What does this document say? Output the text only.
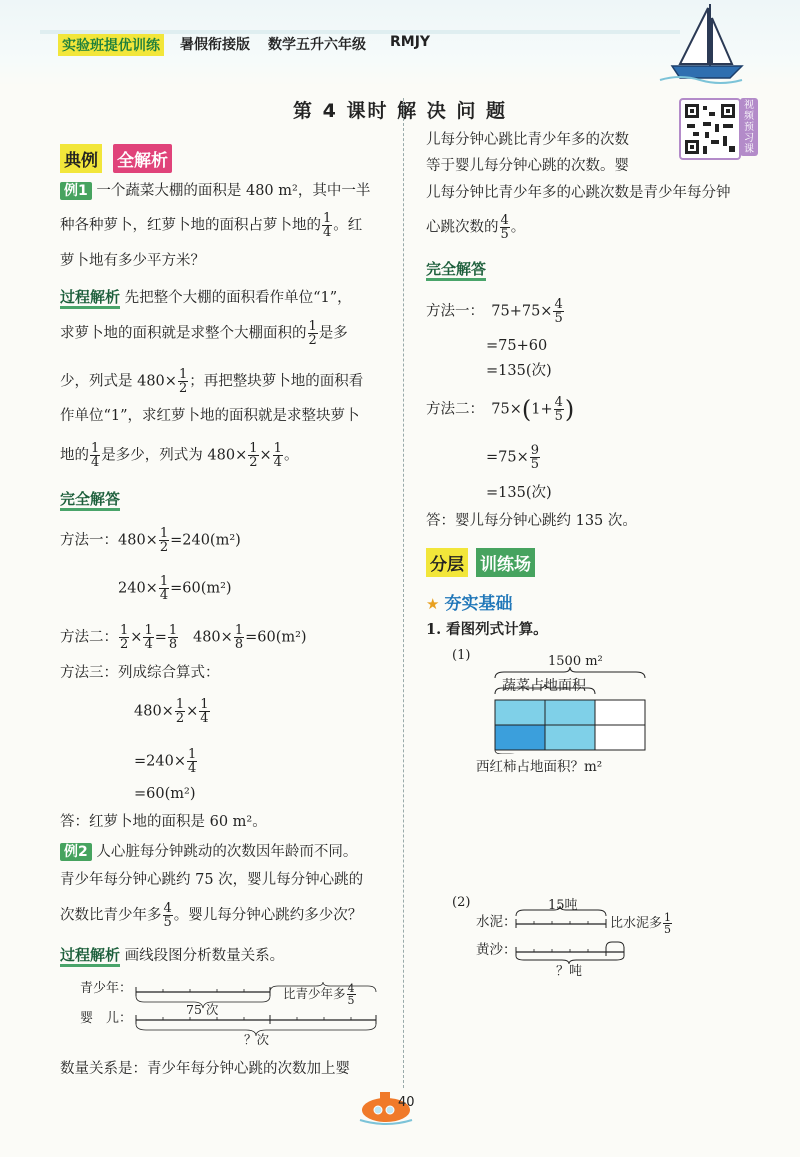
实验班提优训练 暑假衔接版 数学五升六年级 RMJY
第 4 课时 解 决 问 题	视频预习课
典例 全解析
例1 一个蔬菜大棚的面积是 480 m²，其中一半
种各种萝卜，红萝卜地的面积占萝卜地的 $\frac{1}{4}$ 。红
萝卜地有多少平方米？
过程解析 先把整个大棚的面积看作单位“1”，
求萝卜地的面积就是求整个大棚面积的 $\frac{1}{2}$ 是多
少，列式是 $480\times \frac{1}{2}$ ；再把整块萝卜地的面积看
作单位“1”，求红萝卜地的面积就是求整块萝卜
地的 $\frac{1}{4}$ 是多少，列式为 $480\times \frac{1}{2} \times \frac{1}{4}$ 。
完全解答
方法一：$480\times \frac{1}{2} =240(m^2)$
$240\times \frac{1}{4} =60(m^2)$
方法二： $\frac{1}{2} \times \frac{1}{4} = \frac{1}{8} 480\times \frac{1}{8} =60(m^2)$
方法三：列成综合算式：
$480\times \frac{1}{2} \times \frac{1}{4}$
$=240\times \frac{1}{4}$
=60(m²)
答：红萝卜地的面积是 60 m²。
例2 人心脏每分钟跳动的次数因年龄而不同。
青少年每分钟心跳约 75 次，婴儿每分钟心跳的
次数比青少年多 $\frac{4}{5}$ 。婴儿每分钟心跳约多少次？
过程解析 画线段图分析数量关系。
青少年：
婴　儿：
75 次
比青少年多 $\frac{4}{5}$
？次
数量关系是：青少年每分钟心跳的次数加上婴
儿每分钟心跳比青少年多的次数
等于婴儿每分钟心跳的次数。婴
儿每分钟比青少年多的心跳次数是青少年每分钟
心跳次数的 $\frac{4}{5}$ 。
完全解答
方法一：　$75+75\times \frac{4}{5}$
=75+60
=135(次)
方法二：　$75\times(1+ \frac{4}{5}$ )
$=75\times \frac{9}{5}$
=135(次)
答：婴儿每分钟心跳约 135 次。
分层 训练场
★ 夯实基础
1. 看图列式计算。
(1)	1500 m²
蔬菜占地面积
西红柿占地面积？m²
(2)	15吨
水泥：
黄沙：
比水泥多 $\frac{1}{5}$
？吨
40
